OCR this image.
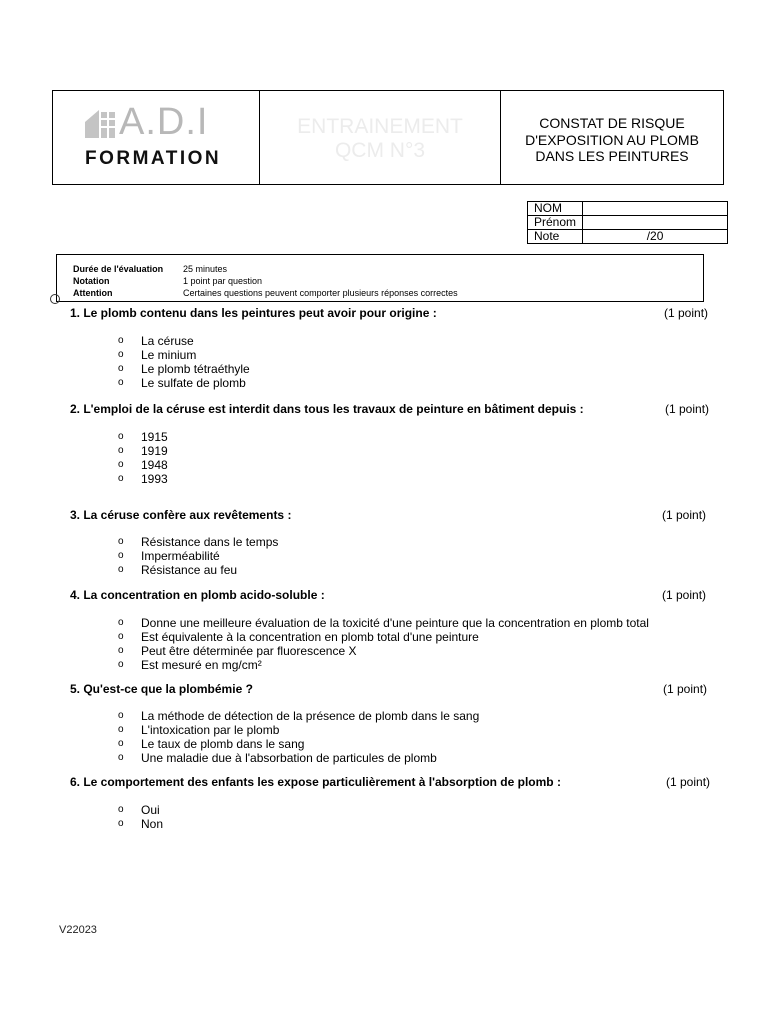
A.D.I
FORMATION
ENTRAINEMENT
QCM N°3
CONSTAT DE RISQUE
D'EXPOSITION AU PLOMB
DANS LES PEINTURES
NOM	
Prénom	
Note	/20
Durée de l'évaluation 25 minutes
Notation	1 point par question
Attention	Certaines questions peuvent comporter plusieurs réponses correctes
1. Le plomb contenu dans les peintures peut avoir pour origine :	(1 point)
o La céruse
o Le minium
o Le plomb tétraéthyle
o Le sulfate de plomb
2. L'emploi de la céruse est interdit dans tous les travaux de peinture en bâtiment depuis :	(1 point)
o 1915
o 1919
o 1948
o 1993
3. La céruse confère aux revêtements :	(1 point)
o Résistance dans le temps
o Imperméabilité
o Résistance au feu
4. La concentration en plomb acido-soluble :	(1 point)
o Donne une meilleure évaluation de la toxicité d'une peinture que la concentration en plomb total
o Est équivalente à la concentration en plomb total d'une peinture
o Peut être déterminée par fluorescence X
o Est mesuré en mg/cm²
5. Qu'est-ce que la plombémie ?	(1 point)
o La méthode de détection de la présence de plomb dans le sang
o L'intoxication par le plomb
o Le taux de plomb dans le sang
o Une maladie due à l'absorbation de particules de plomb
6. Le comportement des enfants les expose particulièrement à l'absorption de plomb :	(1 point)
o Oui
o Non
V22023
